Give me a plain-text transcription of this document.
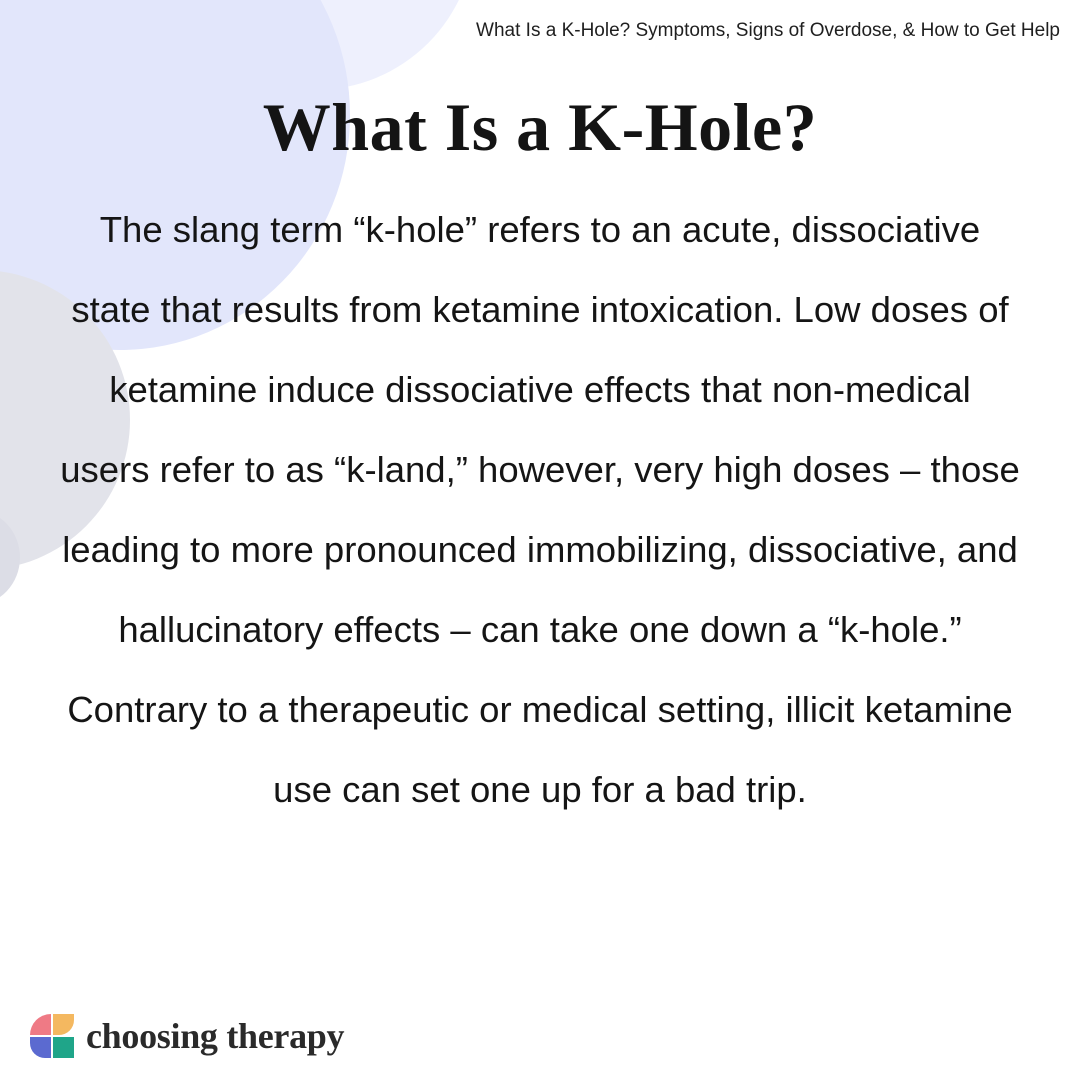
What Is a K-Hole? Symptoms, Signs of Overdose, & How to Get Help
What Is a K-Hole?

The slang term “k-hole” refers to an acute, dissociative state that results from ketamine intoxication. Low doses of ketamine induce dissociative effects that non-medical users refer to as “k-land,” however, very high doses – those leading to more pronounced immobilizing, dissociative, and hallucinatory effects – can take one down a “k-hole.” Contrary to a therapeutic or medical setting, illicit ketamine use can set one up for a bad trip.

choosing therapy
